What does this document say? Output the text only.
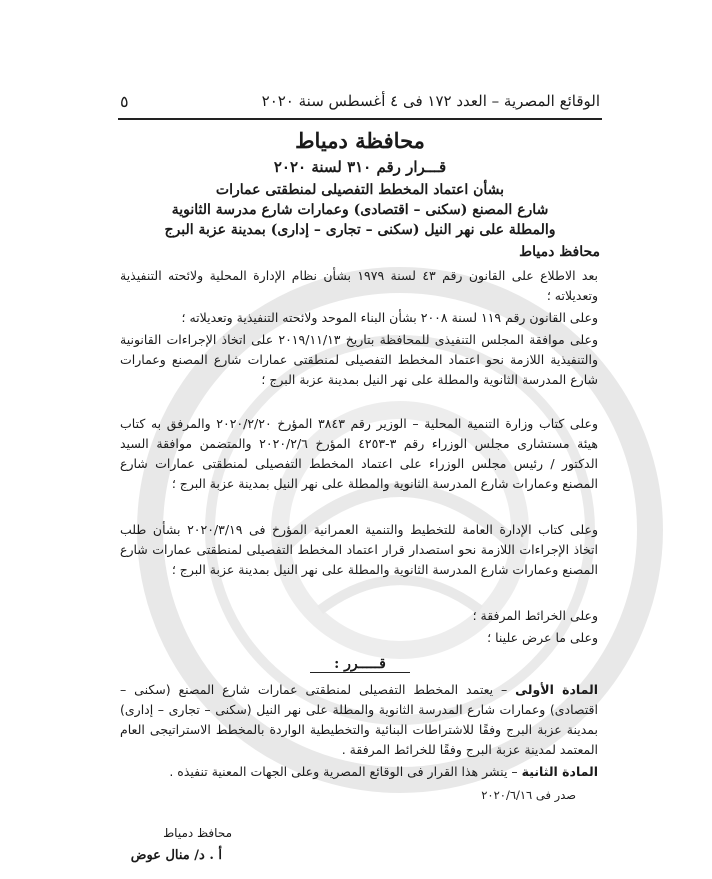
الوقائع المصرية – العدد ١٧٢ فى ٤ أغسطس سنة ٢٠٢٠
٥
محافظة دمياط
قـــرار رقم ٣١٠ لسنة ٢٠٢٠
بشأن اعتماد المخطط التفصيلى لمنطقتى عمارات
شارع المصنع (سكنى – اقتصادى) وعمارات شارع مدرسة الثانوية
والمطلة على نهر النيل (سكنى – تجارى – إدارى) بمدينة عزبة البرج
محافظ دمياط
بعد الاطلاع على القانون رقم ٤٣ لسنة ١٩٧٩ بشأن نظام الإدارة المحلية ولائحته التنفيذية وتعديلاته ؛
وعلى القانون رقم ١١٩ لسنة ٢٠٠٨ بشأن البناء الموحد ولائحته التنفيذية وتعديلاته ؛
وعلى موافقة المجلس التنفيذى للمحافظة بتاريخ ٢٠١٩/١١/١٣ على اتخاذ الإجراءات القانونية والتنفيذية اللازمة نحو اعتماد المخطط التفصيلى لمنطقتى عمارات شارع المصنع وعمارات شارع المدرسة الثانوية والمطلة على نهر النيل بمدينة عزبة البرج ؛
وعلى كتاب وزارة التنمية المحلية – الوزير رقم ٣٨٤٣ المؤرخ ٢٠٢٠/٢/٢٠ والمرفق به كتاب هيئة مستشارى مجلس الوزراء رقم ٣-٤٢٥٣ المؤرخ ٢٠٢٠/٢/٦ والمتضمن موافقة السيد الدكتور / رئيس مجلس الوزراء على اعتماد المخطط التفصيلى لمنطقتى عمارات شارع المصنع وعمارات شارع المدرسة الثانوية والمطلة على نهر النيل بمدينة عزبة البرج ؛
وعلى كتاب الإدارة العامة للتخطيط والتنمية العمرانية المؤرخ فى ٢٠٢٠/٣/١٩ بشأن طلب اتخاذ الإجراءات اللازمة نحو استصدار قرار اعتماد المخطط التفصيلى لمنطقتى عمارات شارع المصنع وعمارات شارع المدرسة الثانوية والمطلة على نهر النيل بمدينة عزبة البرج ؛
وعلى الخرائط المرفقة ؛
وعلى ما عرض علينا ؛
قـــــرر :
المادة الأولى – يعتمد المخطط التفصيلى لمنطقتى عمارات شارع المصنع (سكنى – اقتصادى) وعمارات شارع المدرسة الثانوية والمطلة على نهر النيل (سكنى – تجارى – إدارى) بمدينة عزبة البرج وفقًا للاشتراطات البنائية والتخطيطية الواردة بالمخطط الاستراتيجى العام المعتمد لمدينة عزبة البرج وفقًا للخرائط المرفقة .
المادة الثانية – ينشر هذا القرار فى الوقائع المصرية وعلى الجهات المعنية تنفيذه .
صدر فى ٢٠٢٠/٦/١٦
محافظ دمياط
أ . د/ منال عوض
